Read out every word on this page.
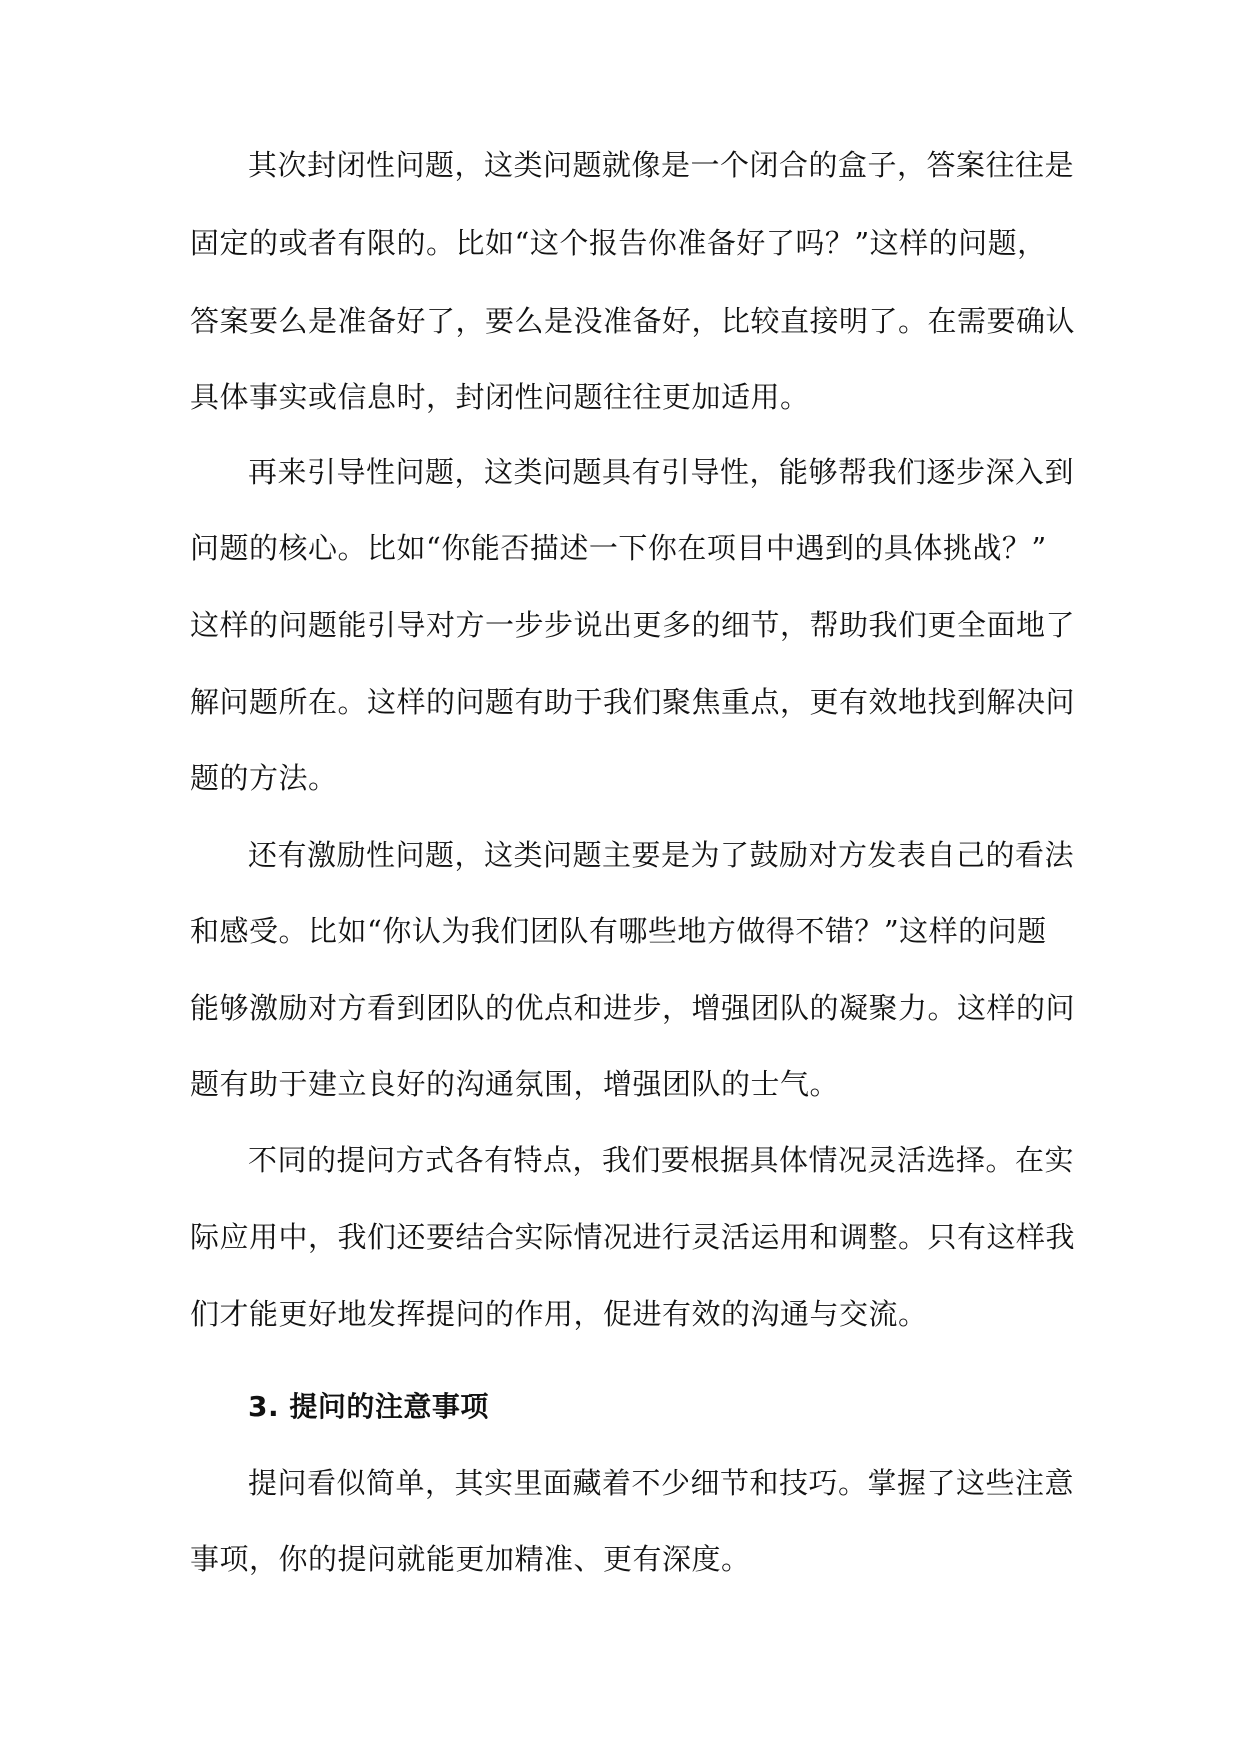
其次封闭性问题，这类问题就像是一个闭合的盒子，答案往往是
固定的或者有限的。比如“这个报告你准备好了吗？”这样的问题，
答案要么是准备好了，要么是没准备好，比较直接明了。在需要确认
具体事实或信息时，封闭性问题往往更加适用。
再来引导性问题，这类问题具有引导性，能够帮我们逐步深入到
问题的核心。比如“你能否描述一下你在项目中遇到的具体挑战？”
这样的问题能引导对方一步步说出更多的细节，帮助我们更全面地了
解问题所在。这样的问题有助于我们聚焦重点，更有效地找到解决问
题的方法。
还有激励性问题，这类问题主要是为了鼓励对方发表自己的看法
和感受。比如“你认为我们团队有哪些地方做得不错？”这样的问题
能够激励对方看到团队的优点和进步，增强团队的凝聚力。这样的问
题有助于建立良好的沟通氛围，增强团队的士气。
不同的提问方式各有特点，我们要根据具体情况灵活选择。在实
际应用中，我们还要结合实际情况进行灵活运用和调整。只有这样我
们才能更好地发挥提问的作用，促进有效的沟通与交流。
3. 提问的注意事项
提问看似简单，其实里面藏着不少细节和技巧。掌握了这些注意
事项，你的提问就能更加精准、更有深度。
